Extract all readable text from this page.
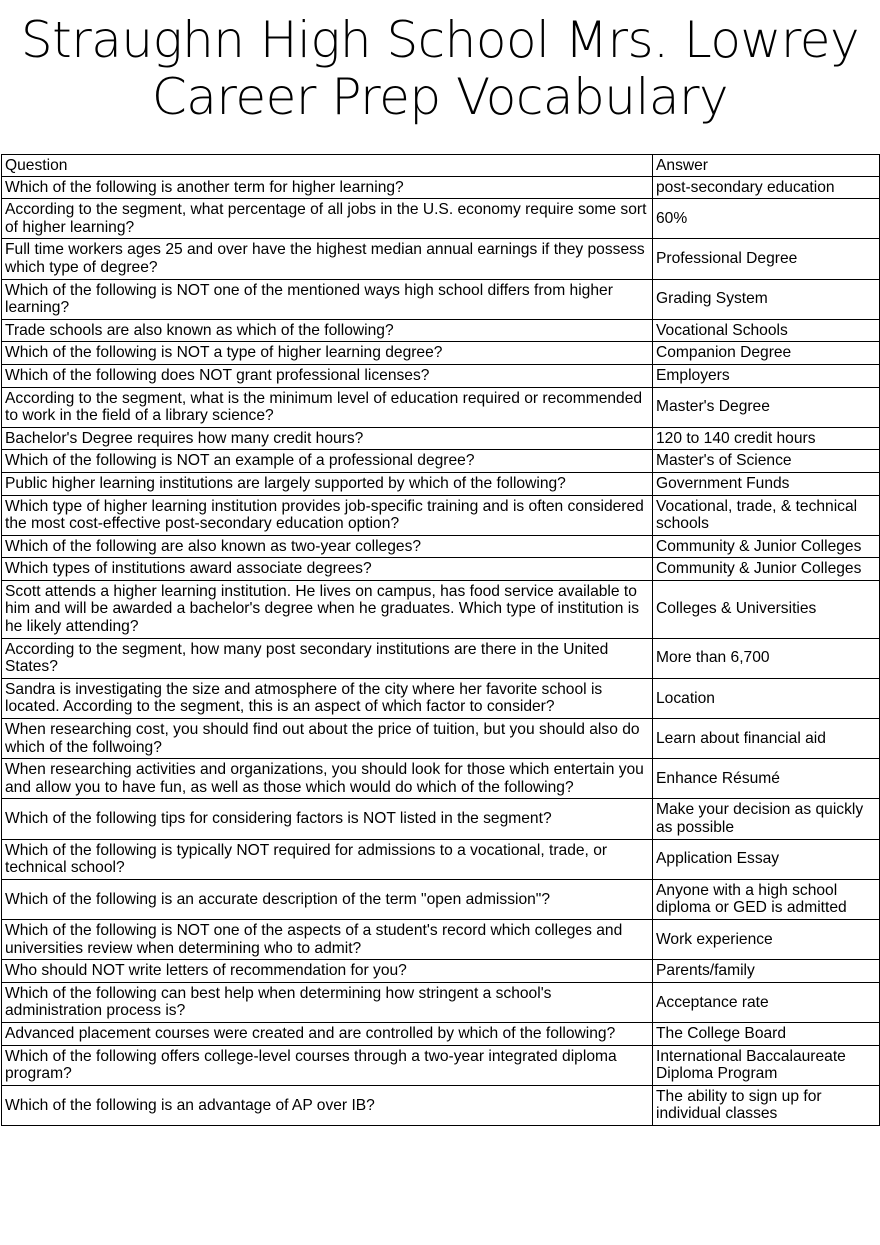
Straughn High School Mrs. Lowrey
Career Prep Vocabulary
Question	Answer
Which of the following is another term for higher learning?	post-secondary education
According to the segment, what percentage of all jobs in the U.S. economy require some sort of higher learning?	60%
Full time workers ages 25 and over have the highest median annual earnings if they possess which type of degree?	Professional Degree
Which of the following is NOT one of the mentioned ways high school differs from higher learning?	Grading System
Trade schools are also known as which of the following?	Vocational Schools
Which of the following is NOT a type of higher learning degree?	Companion Degree
Which of the following does NOT grant professional licenses?	Employers
According to the segment, what is the minimum level of education required or recommended to work in the field of a library science?	Master's Degree
Bachelor's Degree requires how many credit hours?	120 to 140 credit hours
Which of the following is NOT an example of a professional degree?	Master's of Science
Public higher learning institutions are largely supported by which of the following?	Government Funds
Which type of higher learning institution provides job-specific training and is often considered the most cost-effective post-secondary education option?	Vocational, trade, & technical schools
Which of the following are also known as two-year colleges?	Community & Junior Colleges
Which types of institutions award associate degrees?	Community & Junior Colleges
Scott attends a higher learning institution. He lives on campus, has food service available to him and will be awarded a bachelor's degree when he graduates. Which type of institution is he likely attending?	Colleges & Universities
According to the segment, how many post secondary institutions are there in the United States?	More than 6,700
Sandra is investigating the size and atmosphere of the city where her favorite school is located. According to the segment, this is an aspect of which factor to consider?	Location
When researching cost, you should find out about the price of tuition, but you should also do which of the follwoing?	Learn about financial aid
When researching activities and organizations, you should look for those which entertain you and allow you to have fun, as well as those which would do which of the following?	Enhance Résumé
Which of the following tips for considering factors is NOT listed in the segment?	Make your decision as quickly as possible
Which of the following is typically NOT required for admissions to a vocational, trade, or technical school?	Application Essay
Which of the following is an accurate description of the term "open admission"?	Anyone with a high school diploma or GED is admitted
Which of the following is NOT one of the aspects of a student's record which colleges and universities review when determining who to admit?	Work experience
Who should NOT write letters of recommendation for you?	Parents/family
Which of the following can best help when determining how stringent a school's administration process is?	Acceptance rate
Advanced placement courses were created and are controlled by which of the following?	The College Board
Which of the following offers college-level courses through a two-year integrated diploma program?	International Baccalaureate Diploma Program
Which of the following is an advantage of AP over IB?	The ability to sign up for individual classes
